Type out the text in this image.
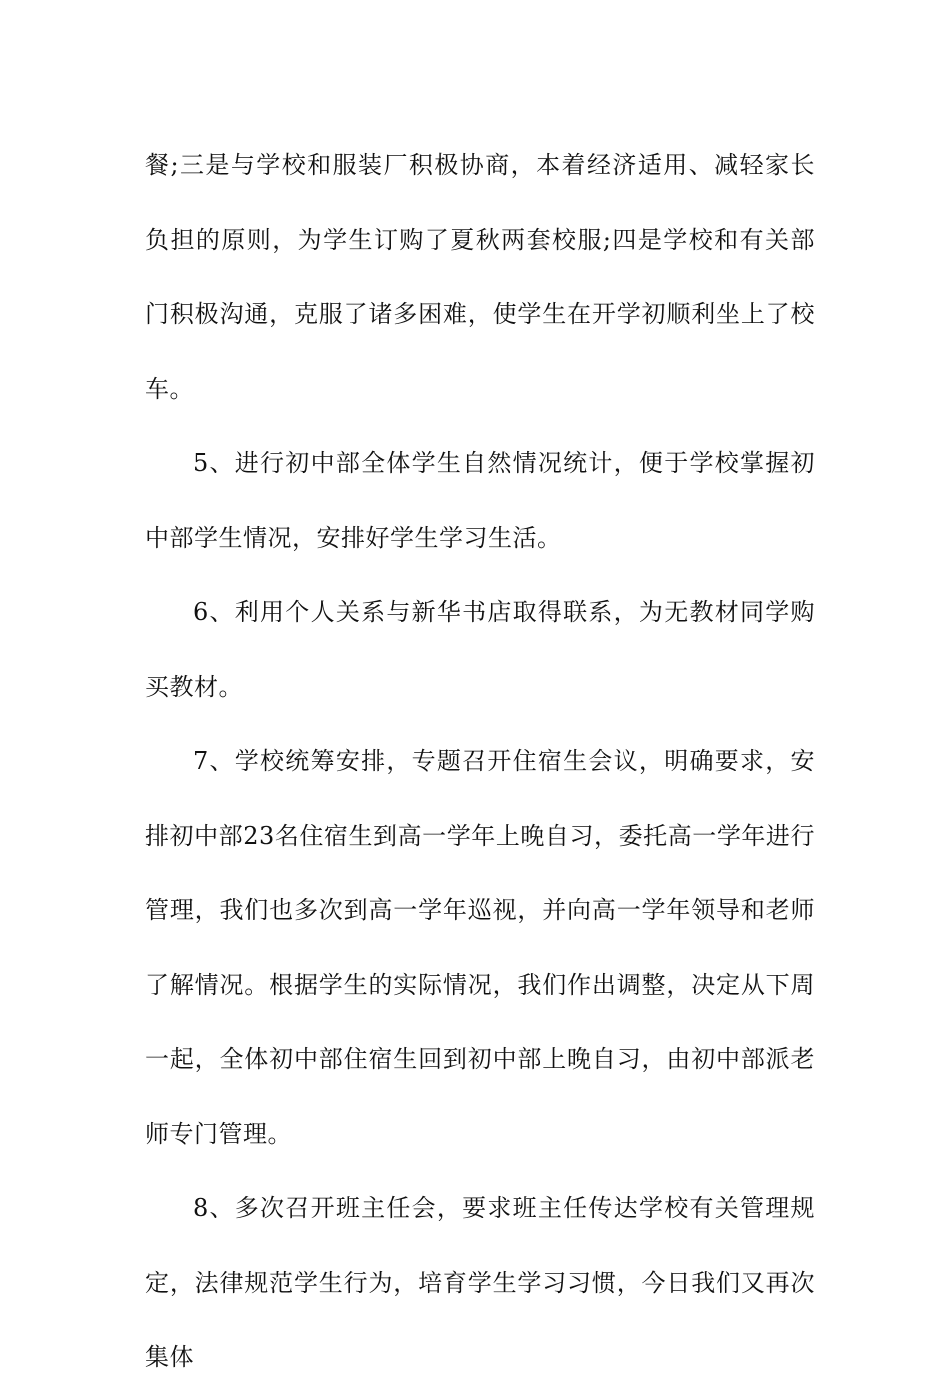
餐;三是与学校和服装厂积极协商，本着经济适用、减轻家长负担的原则，为学生订购了夏秋两套校服;四是学校和有关部门积极沟通，克服了诸多困难，使学生在开学初顺利坐上了校车。

5、进行初中部全体学生自然情况统计，便于学校掌握初中部学生情况，安排好学生学习生活。

6、利用个人关系与新华书店取得联系，为无教材同学购买教材。

7、学校统筹安排，专题召开住宿生会议，明确要求，安排初中部23名住宿生到高一学年上晚自习，委托高一学年进行管理，我们也多次到高一学年巡视，并向高一学年领导和老师了解情况。根据学生的实际情况，我们作出调整，决定从下周一起，全体初中部住宿生回到初中部上晚自习，由初中部派老师专门管理。

8、多次召开班主任会，要求班主任传达学校有关管理规定，法律规范学生行为，培育学生学习习惯，今日我们又再次集体
